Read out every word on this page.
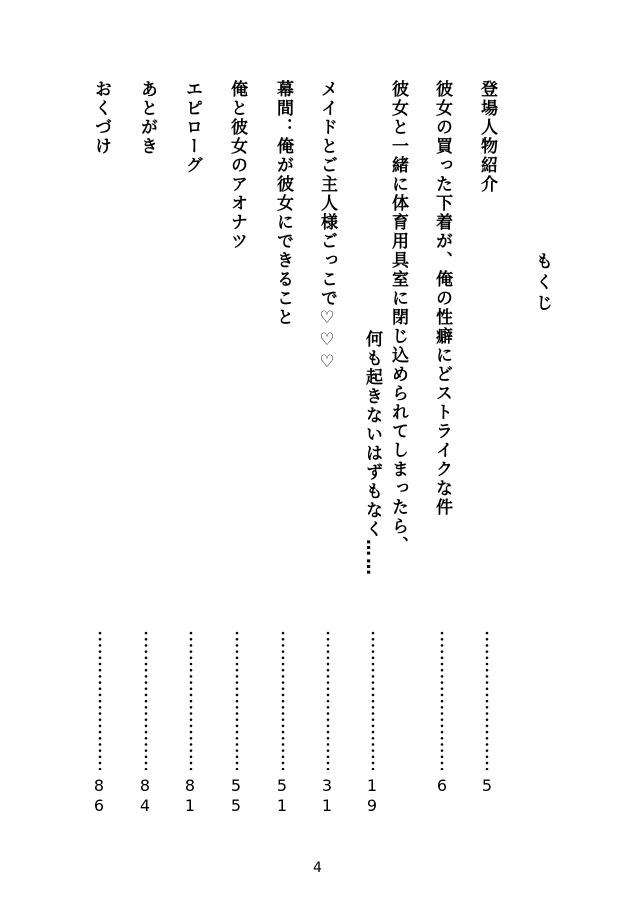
もくじ
登場人物紹介
5
彼女の買った下着が、俺の性癖にどストライクな件
6
彼女と一緒に体育用具室に閉じ込められてしまったら、
何も起きないはずもなく……
1
9
メイドとご主人様ごっこで♡♡♡
3
1
幕間：俺が彼女にできること
5
1
俺と彼女のアオナツ
5
5
エピローグ
8
1
あとがき
8
4
おくづけ
8
6
4
